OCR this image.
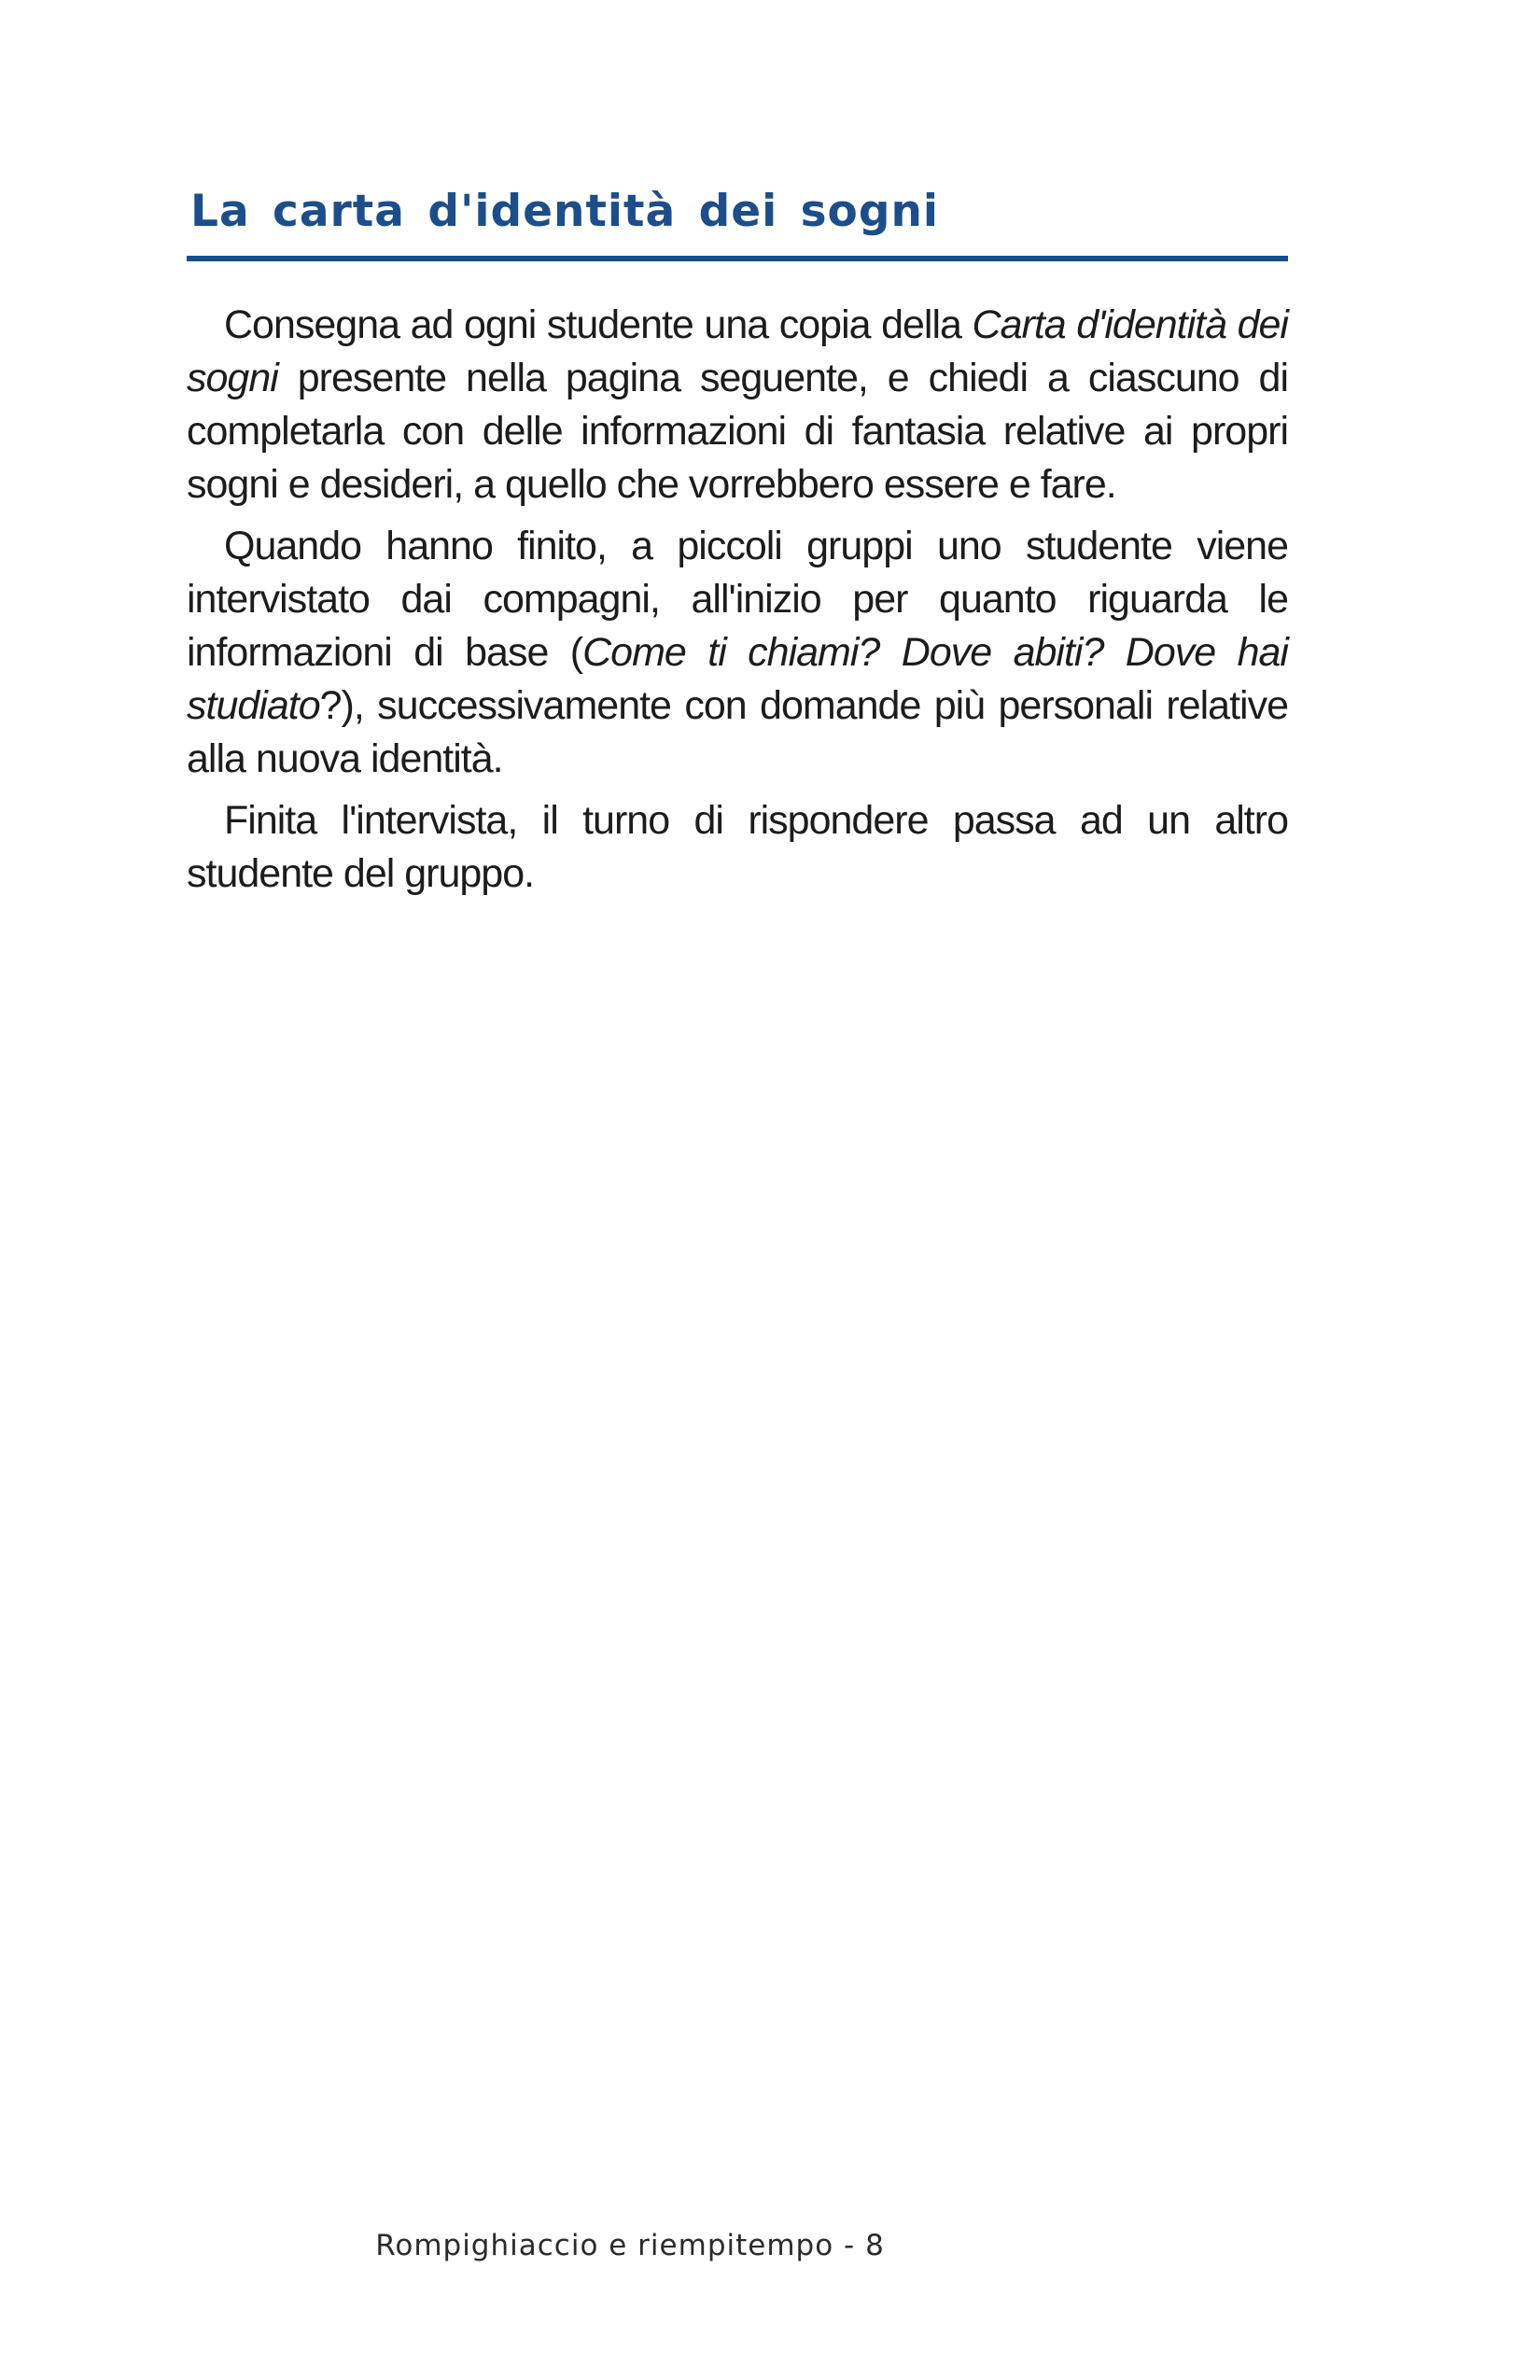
La carta d'identità dei sogni

Consegna ad ogni studente una copia della Carta d'identità dei sogni presente nella pagina seguente, e chiedi a ciascuno di completarla con delle informazioni di fantasia relative ai propri sogni e desideri, a quello che vorrebbero essere e fare.

Quando hanno finito, a piccoli gruppi uno studente viene intervistato dai compagni, all'inizio per quanto riguarda le informazioni di base (Come ti chiami? Dove abiti? Dove hai studiato?), successivamente con domande più personali relative alla nuova identità.

Finita l'intervista, il turno di rispondere passa ad un altro studente del gruppo.

Rompighiaccio e riempitempo - 8
